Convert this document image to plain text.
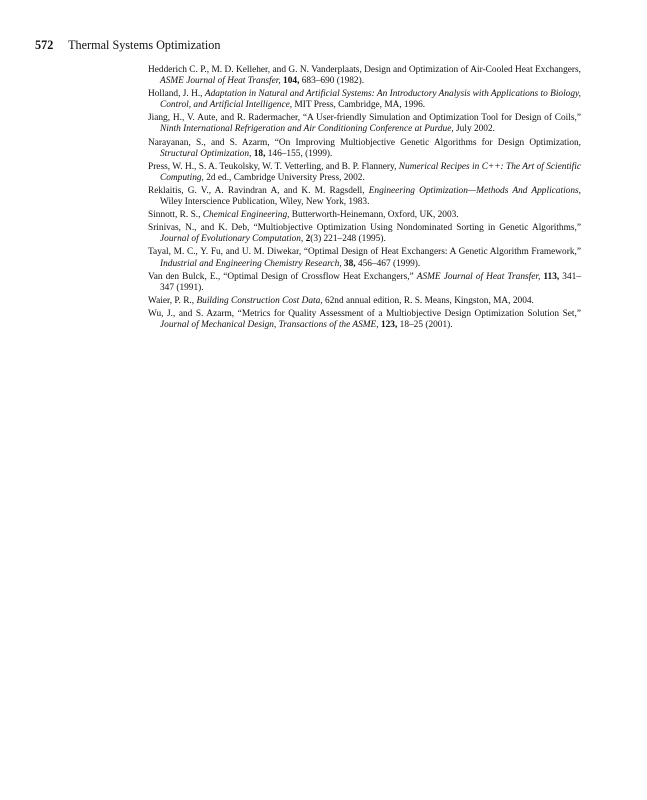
572 Thermal Systems Optimization
Hedderich C. P., M. D. Kelleher, and G. N. Vanderplaats, Design and Optimization of Air-Cooled Heat Exchangers, ASME Journal of Heat Transfer, 104, 683–690 (1982).
Holland, J. H., Adaptation in Natural and Artificial Systems: An Introductory Analysis with Applications to Biology, Control, and Artificial Intelligence, MIT Press, Cambridge, MA, 1996.
Jiang, H., V. Aute, and R. Radermacher, “A User-friendly Simulation and Optimization Tool for Design of Coils,” Ninth International Refrigeration and Air Conditioning Conference at Purdue, July 2002.
Narayanan, S., and S. Azarm, “On Improving Multiobjective Genetic Algorithms for Design Optimization, Structural Optimization, 18, 146–155, (1999).
Press, W. H., S. A. Teukolsky, W. T. Vetterling, and B. P. Flannery, Numerical Recipes in C++: The Art of Scientific Computing, 2d ed., Cambridge University Press, 2002.
Reklaitis, G. V., A. Ravindran A, and K. M. Ragsdell, Engineering Optimization—Methods And Applications, Wiley Interscience Publication, Wiley, New York, 1983.
Sinnott, R. S., Chemical Engineering, Butterworth-Heinemann, Oxford, UK, 2003.
Srinivas, N., and K. Deb, “Multiobjective Optimization Using Nondominated Sorting in Genetic Algorithms,” Journal of Evolutionary Computation, 2(3) 221–248 (1995).
Tayal, M. C., Y. Fu, and U. M. Diwekar, “Optimal Design of Heat Exchangers: A Genetic Algorithm Framework,” Industrial and Engineering Chemistry Research, 38, 456–467 (1999).
Van den Bulck, E., “Optimal Design of Crossflow Heat Exchangers,” ASME Journal of Heat Transfer, 113, 341–347 (1991).
Waier, P. R., Building Construction Cost Data, 62nd annual edition, R. S. Means, Kingston, MA, 2004.
Wu, J., and S. Azarm, “Metrics for Quality Assessment of a Multiobjective Design Optimization Solution Set,” Journal of Mechanical Design, Transactions of the ASME, 123, 18–25 (2001).
